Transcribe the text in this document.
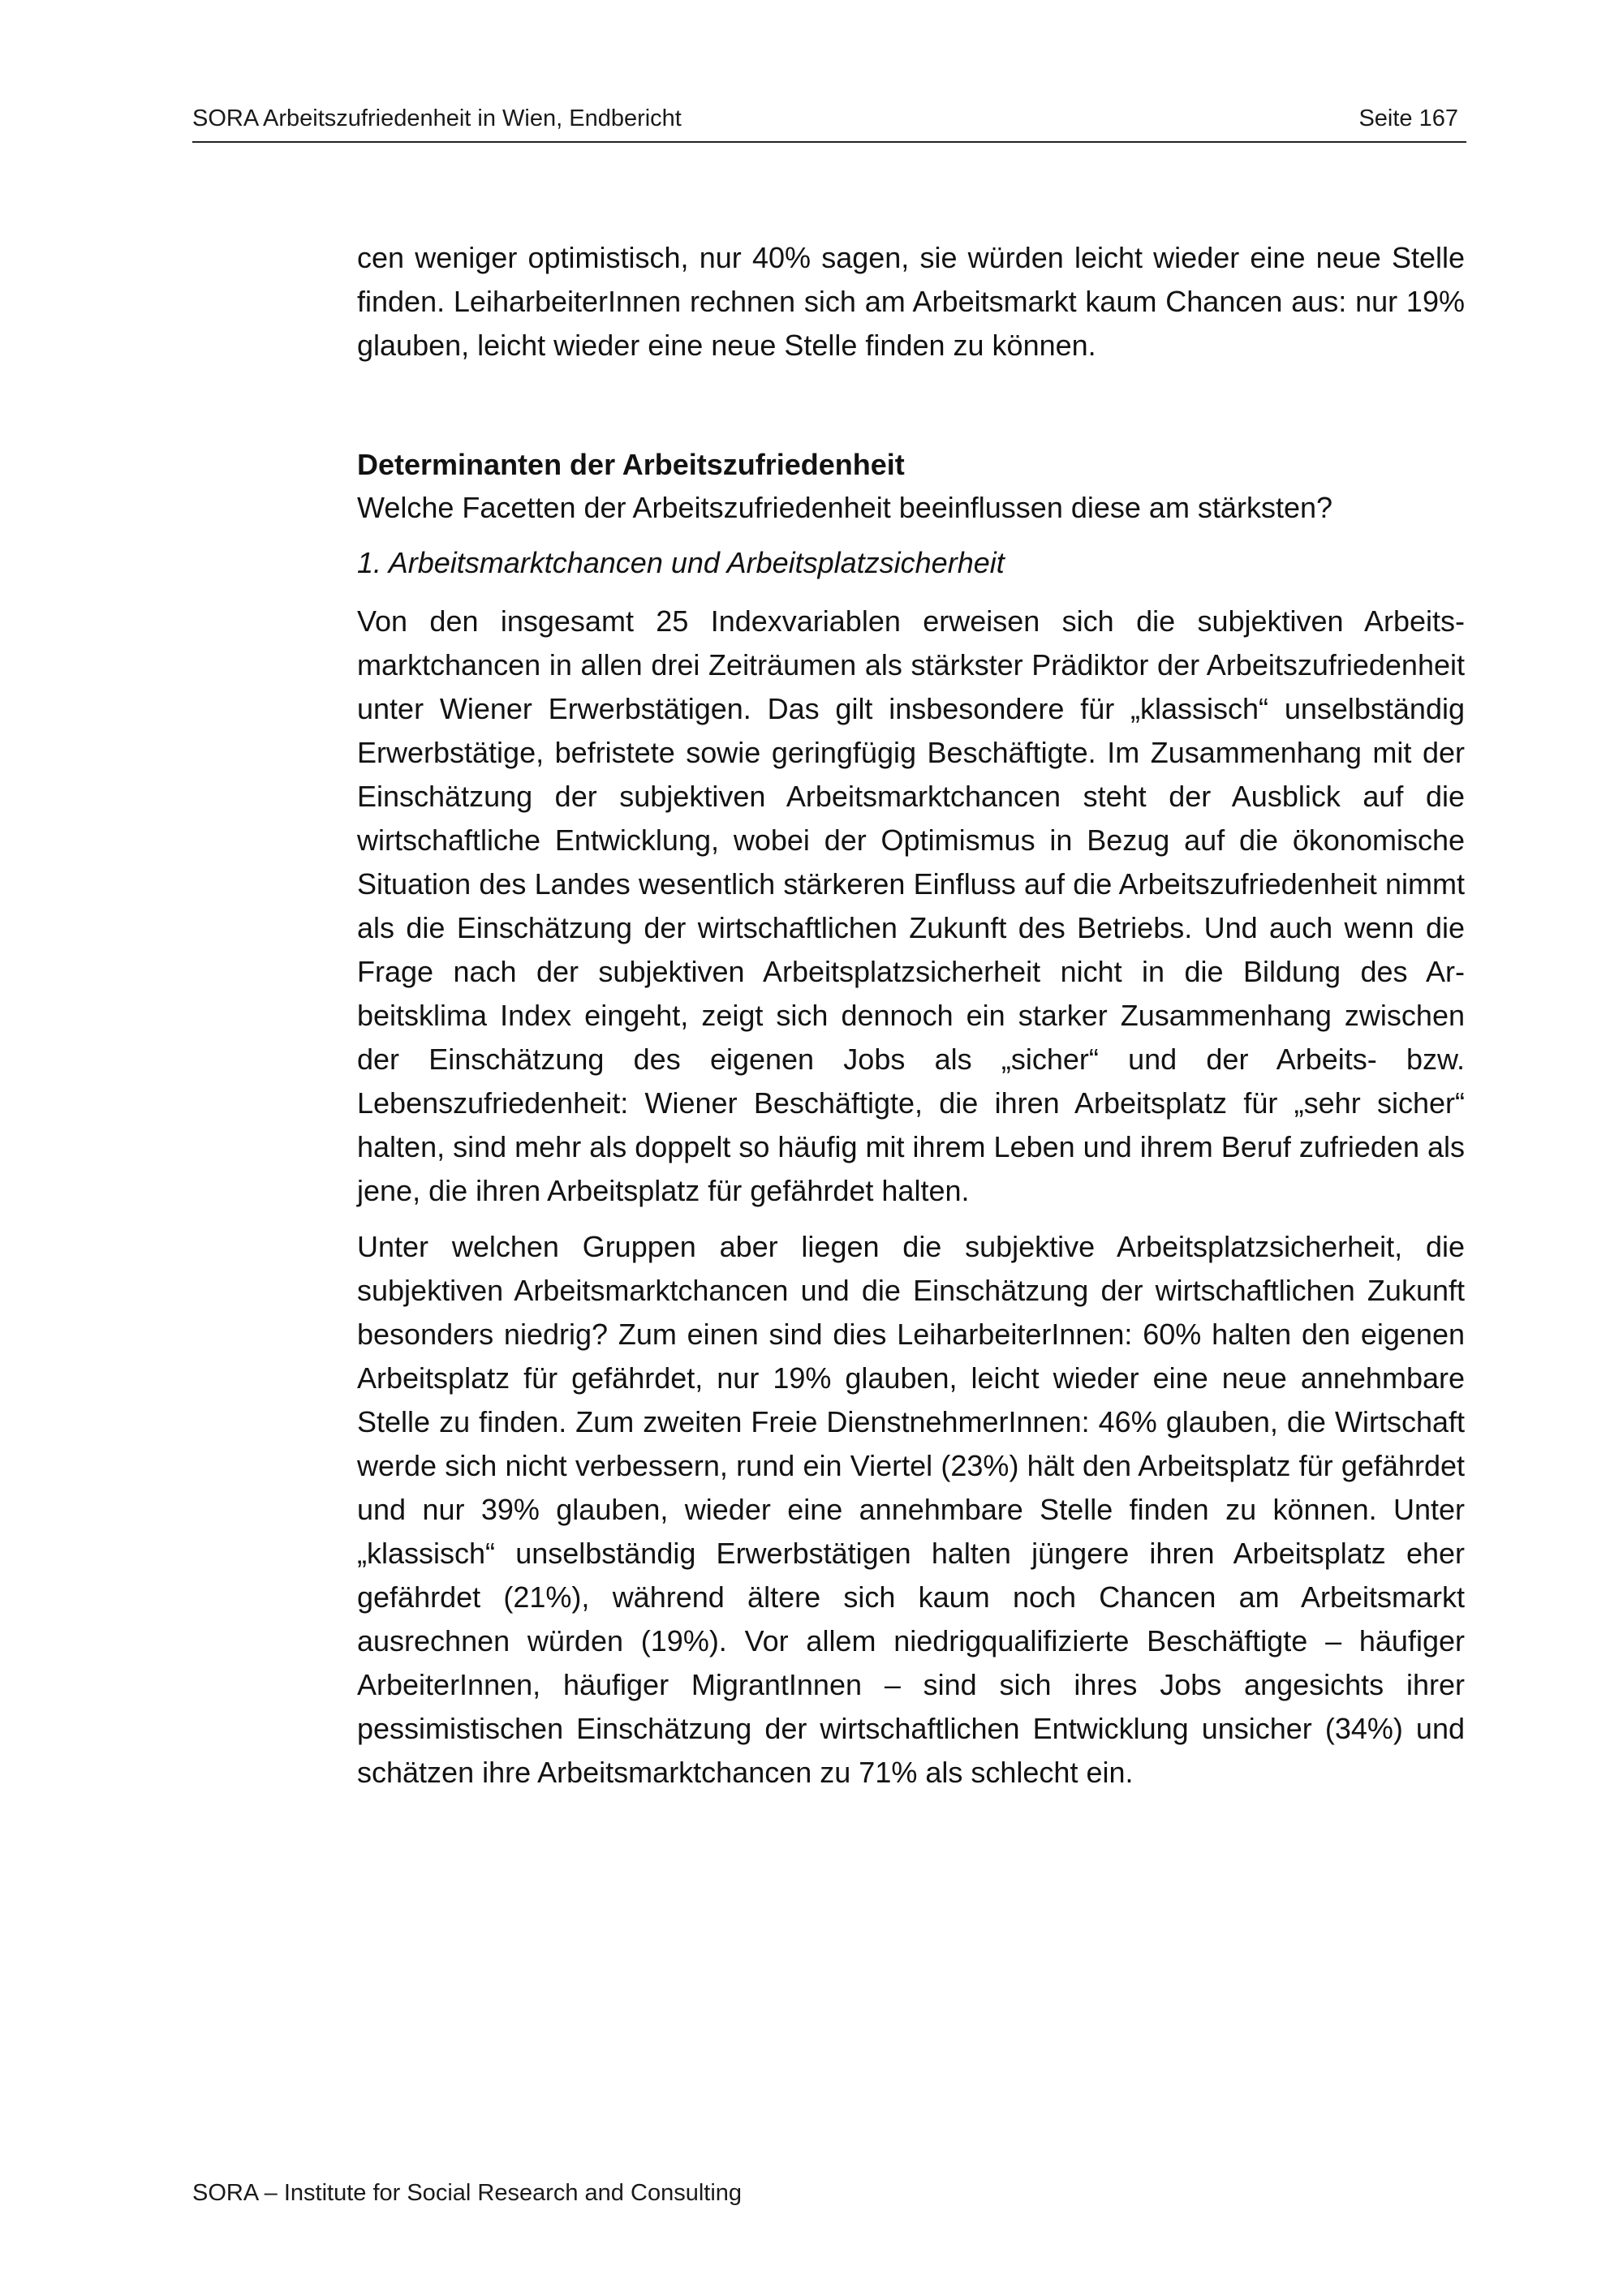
SORA Arbeitszufriedenheit in Wien, Endbericht	Seite 167

cen weniger optimistisch, nur 40% sagen, sie würden leicht wieder eine neue Stelle finden. LeiharbeiterInnen rechnen sich am Arbeitsmarkt kaum Chancen aus: nur 19% glauben, leicht wieder eine neue Stelle finden zu können.

Determinanten der Arbeitszufriedenheit

Welche Facetten der Arbeitszufriedenheit beeinflussen diese am stärksten?

1. Arbeitsmarktchancen und Arbeitsplatzsicherheit

Von den insgesamt 25 Indexvariablen erweisen sich die subjektiven Arbeitsmarktchancen in allen drei Zeiträumen als stärkster Prädiktor der Arbeitszufriedenheit unter Wiener Erwerbstätigen. Das gilt insbesondere für „klassisch“ unselbständig Erwerbstätige, befristete sowie geringfügig Beschäftigte. Im Zusammenhang mit der Einschätzung der subjektiven Arbeitsmarktchancen steht der Ausblick auf die wirtschaftliche Entwicklung, wobei der Optimismus in Bezug auf die ökonomische Situation des Landes wesentlich stärkeren Einfluss auf die Arbeitszufriedenheit nimmt als die Einschätzung der wirtschaftlichen Zukunft des Betriebs. Und auch wenn die Frage nach der subjektiven Arbeitsplatzsicherheit nicht in die Bildung des Arbeitsklima Index eingeht, zeigt sich dennoch ein starker Zusammenhang zwischen der Einschätzung des eigenen Jobs als „sicher“ und der Arbeits- bzw. Lebenszufriedenheit: Wiener Beschäftigte, die ihren Arbeitsplatz für „sehr sicher“ halten, sind mehr als doppelt so häufig mit ihrem Leben und ihrem Beruf zufrieden als jene, die ihren Arbeitsplatz für gefährdet halten.

Unter welchen Gruppen aber liegen die subjektive Arbeitsplatzsicherheit, die subjektiven Arbeitsmarktchancen und die Einschätzung der wirtschaftlichen Zukunft besonders niedrig? Zum einen sind dies LeiharbeiterInnen: 60% halten den eigenen Arbeitsplatz für gefährdet, nur 19% glauben, leicht wieder eine neue annehmbare Stelle zu finden. Zum zweiten Freie DienstnehmerInnen: 46% glauben, die Wirtschaft werde sich nicht verbessern, rund ein Viertel (23%) hält den Arbeitsplatz für gefährdet und nur 39% glauben, wieder eine annehmbare Stelle finden zu können. Unter „klassisch“ unselbständig Erwerbstätigen halten jüngere ihren Arbeitsplatz eher gefährdet (21%), während ältere sich kaum noch Chancen am Arbeitsmarkt ausrechnen würden (19%). Vor allem niedrigqualifizierte Beschäftigte – häufiger ArbeiterInnen, häufiger MigrantInnen – sind sich ihres Jobs angesichts ihrer pessimistischen Einschätzung der wirtschaftlichen Entwicklung unsicher (34%) und schätzen ihre Arbeitsmarktchancen zu 71% als schlecht ein.

SORA – Institute for Social Research and Consulting
